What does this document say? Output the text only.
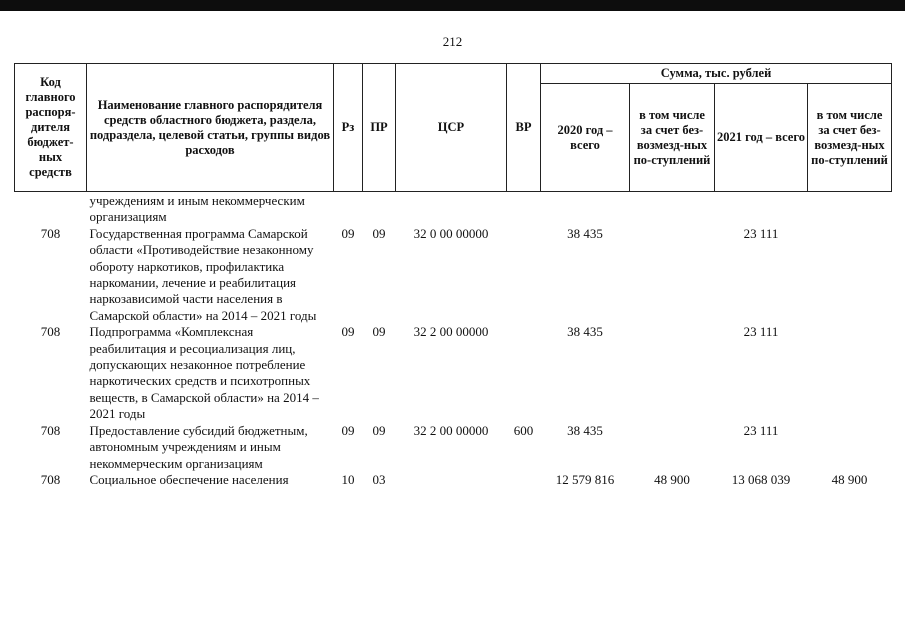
212
Код главного распоря-дителя бюджет-ных средств	Наименование главного распорядителя средств областного бюджета, раздела, подраздела, целевой статьи, группы видов расходов	Рз	ПР	ЦСР	ВР	Сумма, тыс. рублей			
						2020 год – всего	в том числе за счет без-возмезд-ных по-ступлений	2021 год – всего	в том числе за счет без-возмезд-ных по-ступлений
	учреждениям и иным некоммерческим организациям								
708	Государственная программа Самарской области «Противодействие незаконному обороту наркотиков, профилактика наркомании, лечение и реабилитация наркозависимой части населения в Самарской области» на 2014 – 2021 годы	09	09	32 0 00 00000		38 435		23 111	
708	Подпрограмма «Комплексная реабилитация и ресоциализация лиц, допускающих незаконное потребление наркотических средств и психотропных веществ, в Самарской области» на 2014 – 2021 годы	09	09	32 2 00 00000		38 435		23 111	
708	Предоставление субсидий бюджетным, автономным учреждениям и иным некоммерческим организациям	09	09	32 2 00 00000	600	38 435		23 111	
708	Социальное обеспечение населения	10	03			12 579 816	48 900	13 068 039	48 900
